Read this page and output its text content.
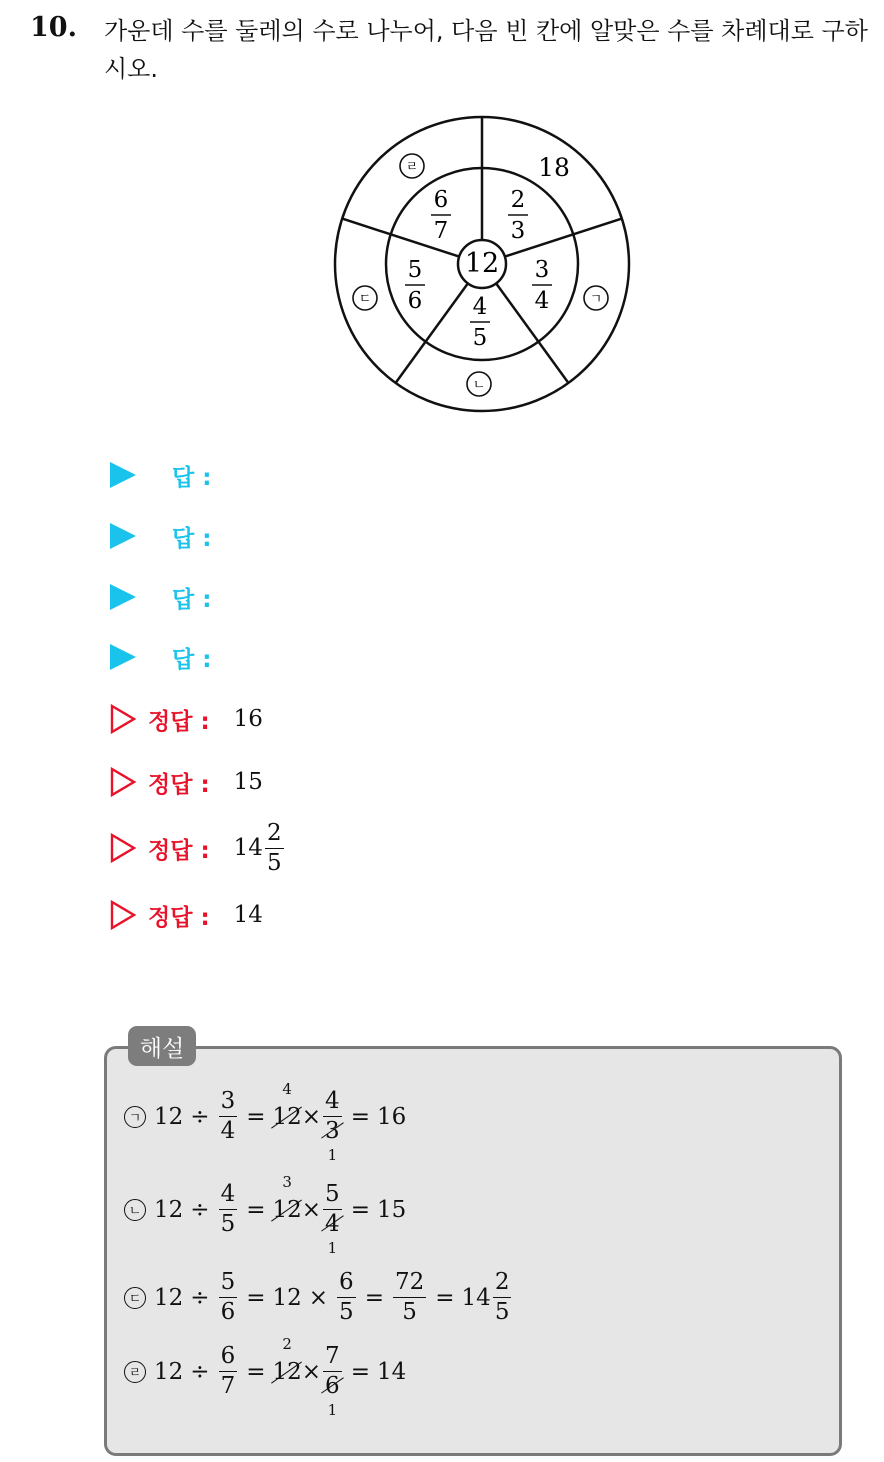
10. 가운데 수를 둘레의 수로 나누어, 다음 빈 칸에 알맞은 수를 차례대로 구하시오.
12
2
3
3
4
4
5
5
6
6
7
18
ㄱ
ㄴ
ㄷ
ㄹ
답 :
답 :
답 :
답 :
정답 : 16
정답 : 15
정답 : $14 \frac{2}{5}$
정답 : 14
해설
ㄱ $12 \div \frac{3}{4} = 12$
4
× 4
3
1 = 16
ㄴ $12 \div \frac{4}{5} = 12$
3
× 5
4
1 = 15
ㄷ $12 \div \frac{5}{6} = 12 \times \frac{6}{5} = \frac{72}{5} = 14 \frac{2}{5}$
ㄹ $12 \div \frac{6}{7} = 12$
2
× 7
6
1 = 14
